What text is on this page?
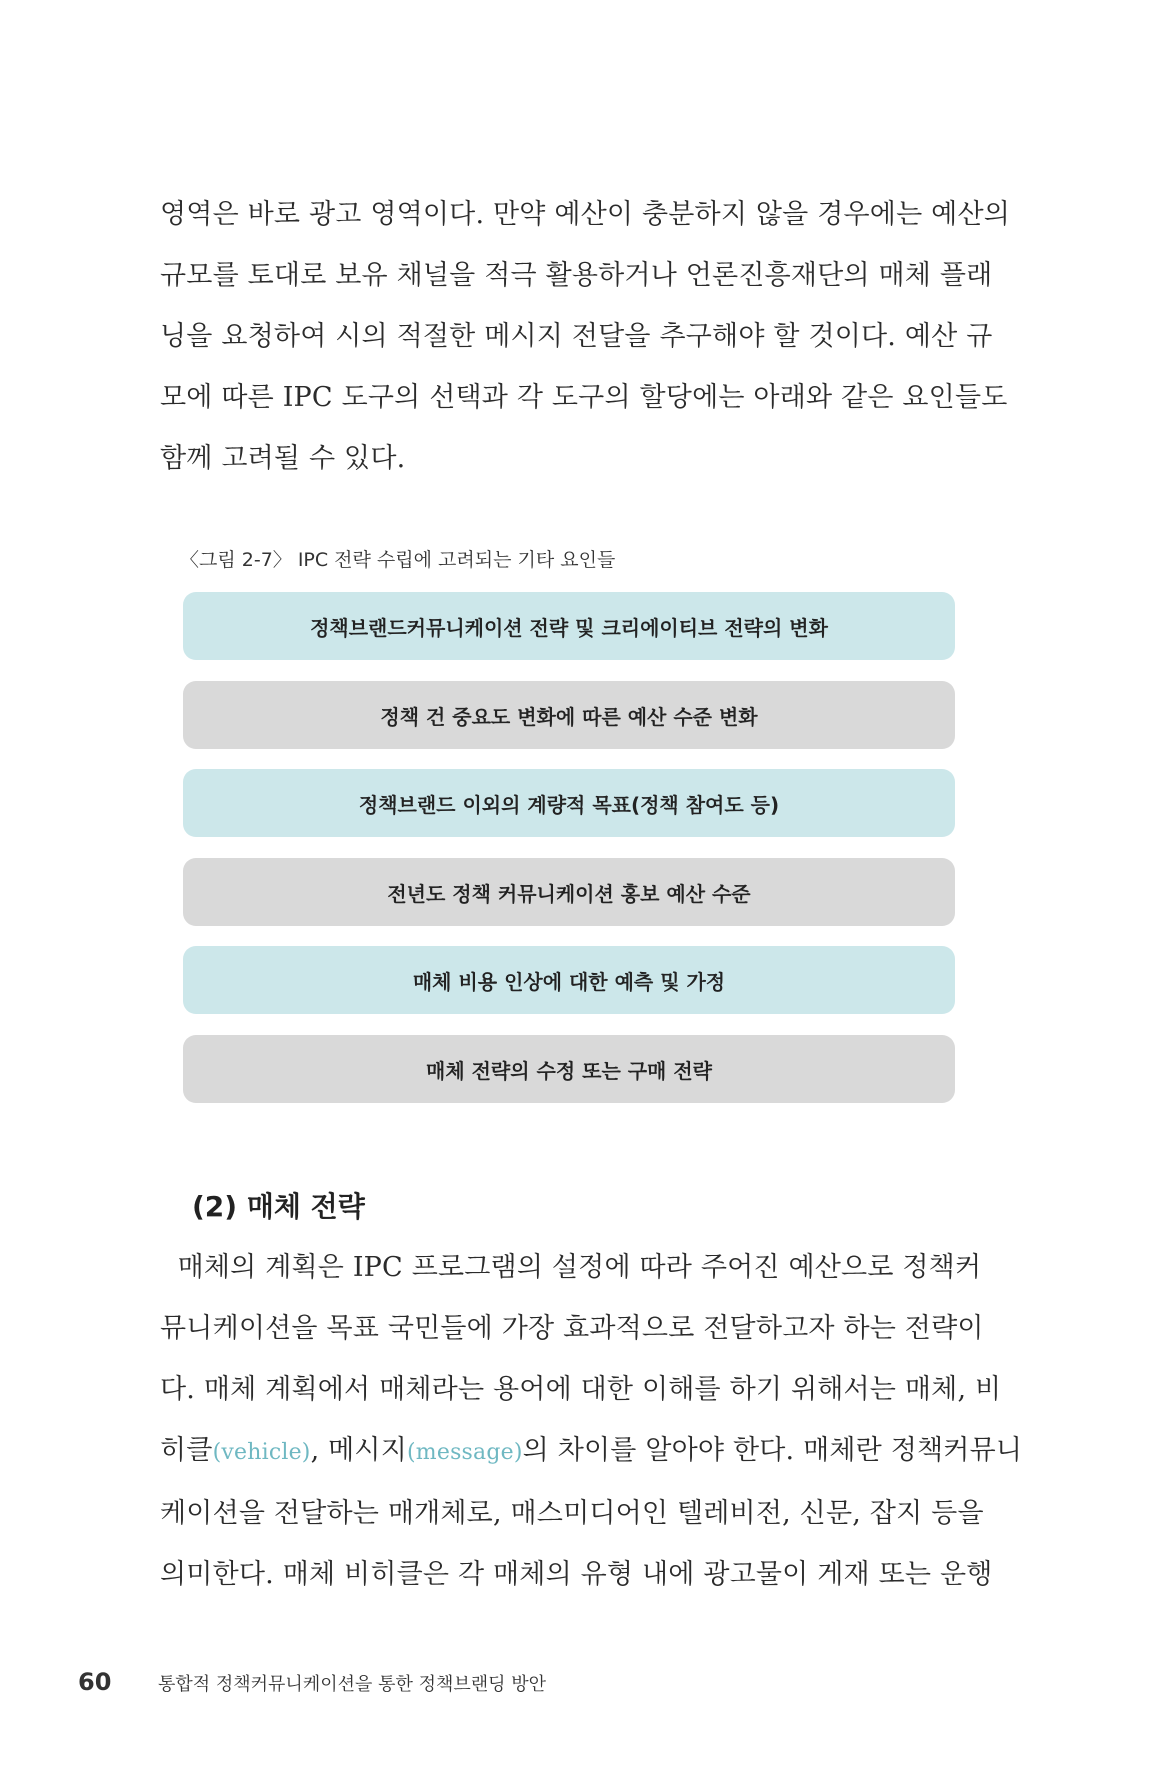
영역은 바로 광고 영역이다. 만약 예산이 충분하지 않을 경우에는 예산의

규모를 토대로 보유 채널을 적극 활용하거나 언론진흥재단의 매체 플래

닝을 요청하여 시의 적절한 메시지 전달을 추구해야 할 것이다. 예산 규

모에 따른 IPC 도구의 선택과 각 도구의 할당에는 아래와 같은 요인들도

함께 고려될 수 있다.

〈그림 2-7〉 IPC 전략 수립에 고려되는 기타 요인들

정책브랜드커뮤니케이션 전략 및 크리에이티브 전략의 변화
정책 건 중요도 변화에 따른 예산 수준 변화
정책브랜드 이외의 계량적 목표(정책 참여도 등)
전년도 정책 커뮤니케이션 홍보 예산 수준
매체 비용 인상에 대한 예측 및 가정
매체 전략의 수정 또는 구매 전략
(2) 매체 전략

매체의 계획은 IPC 프로그램의 설정에 따라 주어진 예산으로 정책커

뮤니케이션을 목표 국민들에 가장 효과적으로 전달하고자 하는 전략이

다. 매체 계획에서 매체라는 용어에 대한 이해를 하기 위해서는 매체, 비

히클(vehicle), 메시지(message)의 차이를 알아야 한다. 매체란 정책커뮤니

케이션을 전달하는 매개체로, 매스미디어인 텔레비전, 신문, 잡지 등을

의미한다. 매체 비히클은 각 매체의 유형 내에 광고물이 게재 또는 운행

60	통합적 정책커뮤니케이션을 통한 정책브랜딩 방안
